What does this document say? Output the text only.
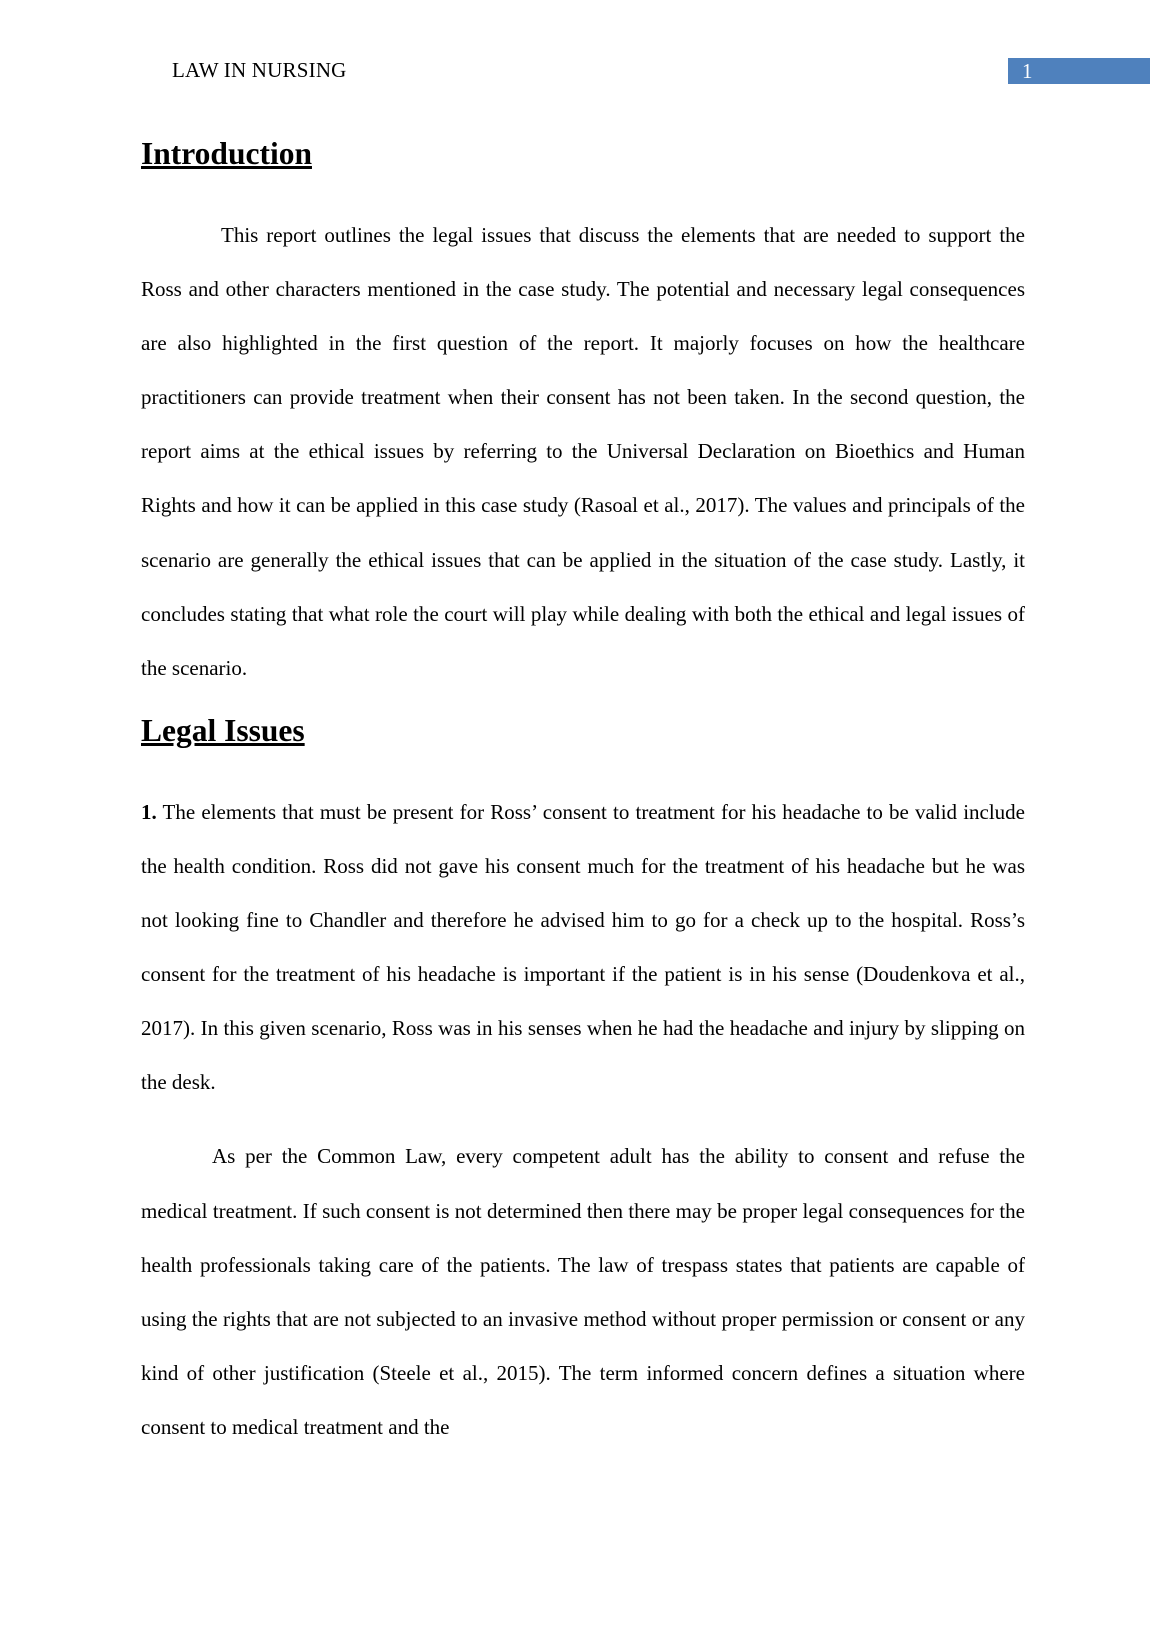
LAW IN NURSING	1
Introduction

This report outlines the legal issues that discuss the elements that are needed to support the Ross and other characters mentioned in the case study. The potential and necessary legal consequences are also highlighted in the first question of the report. It majorly focuses on how the healthcare practitioners can provide treatment when their consent has not been taken. In the second question, the report aims at the ethical issues by referring to the Universal Declaration on Bioethics and Human Rights and how it can be applied in this case study (Rasoal et al., 2017). The values and principals of the scenario are generally the ethical issues that can be applied in the situation of the case study. Lastly, it concludes stating that what role the court will play while dealing with both the ethical and legal issues of the scenario.

Legal Issues

1. The elements that must be present for Ross’ consent to treatment for his headache to be valid include the health condition. Ross did not gave his consent much for the treatment of his headache but he was not looking fine to Chandler and therefore he advised him to go for a check up to the hospital. Ross’s consent for the treatment of his headache is important if the patient is in his sense (Doudenkova et al., 2017). In this given scenario, Ross was in his senses when he had the headache and injury by slipping on the desk.

As per the Common Law, every competent adult has the ability to consent and refuse the medical treatment. If such consent is not determined then there may be proper legal consequences for the health professionals taking care of the patients. The law of trespass states that patients are capable of using the rights that are not subjected to an invasive method without proper permission or consent or any kind of other justification (Steele et al., 2015). The term informed concern defines a situation where consent to medical treatment and the
